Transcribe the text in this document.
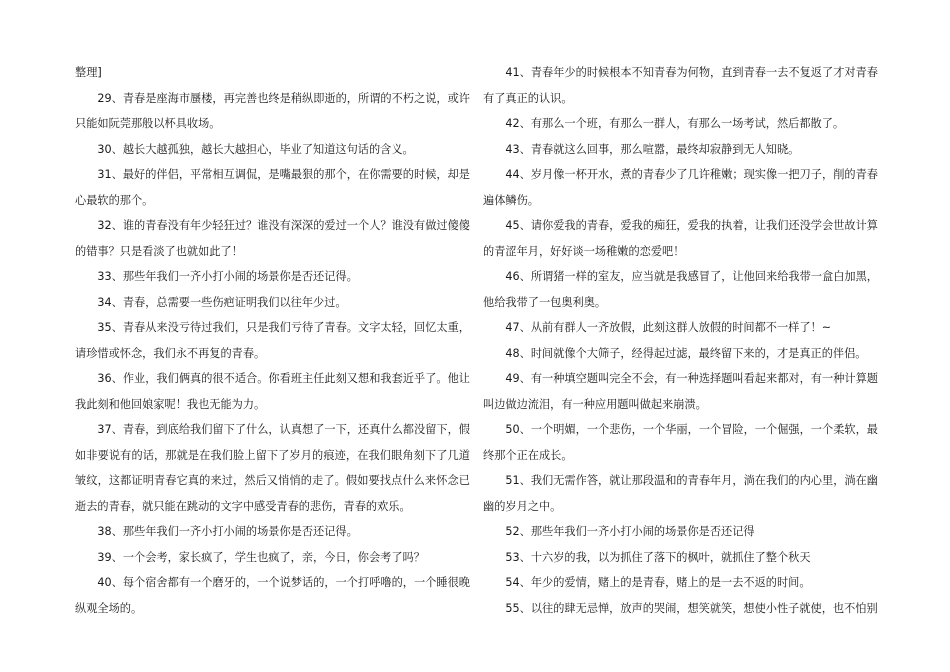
整理]

29、青春是座海市蜃楼，再完善也终是稍纵即逝的，所谓的不朽之说，或许只能如阮莞那般以杯具收场。

30、越长大越孤独，越长大越担心，毕业了知道这句话的含义。

31、最好的伴侣，平常相互调侃，是嘴最狠的那个，在你需要的时候，却是心最软的那个。

32、谁的青春没有年少轻狂过？谁没有深深的爱过一个人？谁没有做过傻傻的错事？只是看淡了也就如此了！

33、那些年我们一齐小打小闹的场景你是否还记得。

34、青春，总需要一些伤疤证明我们以往年少过。

35、青春从来没亏待过我们，只是我们亏待了青春。文字太轻，回忆太重，请珍惜或怀念，我们永不再复的青春。

36、作业，我们俩真的很不适合。你看班主任此刻又想和我套近乎了。他让我此刻和他回娘家呢！我也无能为力。

37、青春，到底给我们留下了什么，认真想了一下，还真什么都没留下，假如非要说有的话，那就是在我们脸上留下了岁月的痕迹，在我们眼角刻下了几道皱纹，这都证明青春它真的来过，然后又悄悄的走了。假如要找点什么来怀念已逝去的青春，就只能在跳动的文字中感受青春的悲伤，青春的欢乐。

38、那些年我们一齐小打小闹的场景你是否还记得。

39、一个会考，家长疯了，学生也疯了，亲，今日，你会考了吗？

40、每个宿舍都有一个磨牙的，一个说梦话的，一个打呼噜的，一个睡很晚纵观全场的。

41、青春年少的时候根本不知青春为何物，直到青春一去不复返了才对青春有了真正的认识。

42、有那么一个班，有那么一群人，有那么一场考试，然后都散了。

43、青春就这么回事，那么喧嚣，最终却寂静到无人知晓。

44、岁月像一杯开水，煮的青春少了几许稚嫩；现实像一把刀子，削的青春遍体鳞伤。

45、请你爱我的青春，爱我的痴狂，爱我的执着，让我们还没学会世故计算的青涩年月，好好谈一场稚嫩的恋爱吧！

46、所谓猪一样的室友，应当就是我感冒了，让他回来给我带一盒白加黑，他给我带了一包奥利奥。

47、从前有群人一齐放假，此刻这群人放假的时间都不一样了！~

48、时间就像个大筛子，经得起过滤，最终留下来的，才是真正的伴侣。

49、有一种填空题叫完全不会，有一种选择题叫看起来都对，有一种计算题叫边做边流泪，有一种应用题叫做起来崩溃。

50、一个明媚，一个悲伤，一个华丽，一个冒险，一个倔强，一个柔软，最终那个正在成长。

51、我们无需作答，就让那段温和的青春年月，淌在我们的内心里，淌在幽幽的岁月之中。

52、那些年我们一齐小打小闹的场景你是否还记得

53、十六岁的我，以为抓住了落下的枫叶，就抓住了整个秋天

54、年少的爱情，赌上的是青春，赌上的是一去不返的时间。

55、以往的肆无忌惮，放声的哭闹，想笑就笑，想使小性子就使，也不怕别
